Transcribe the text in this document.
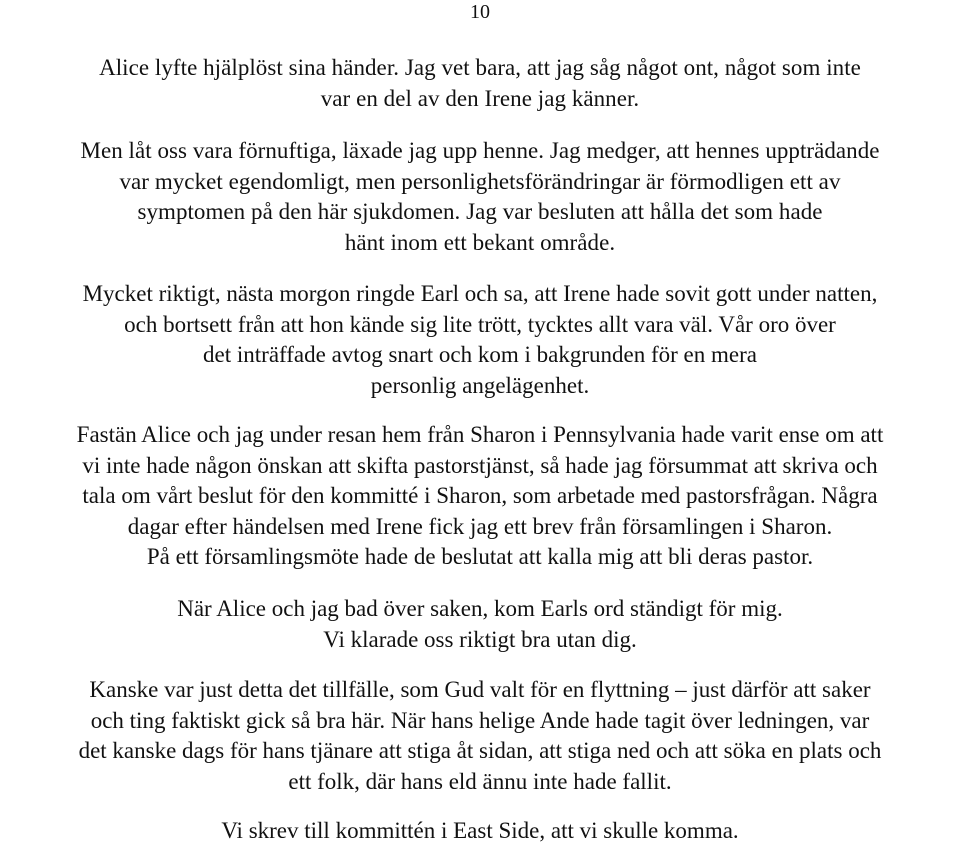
10
Alice lyfte hjälplöst sina händer. Jag vet bara, att jag såg något ont, något som inte
var en del av den Irene jag känner.
Men låt oss vara förnuftiga, läxade jag upp henne. Jag medger, att hennes uppträdande
var mycket egendomligt, men personlighetsförändringar är förmodligen ett av
symptomen på den här sjukdomen. Jag var besluten att hålla det som hade
hänt inom ett bekant område.
Mycket riktigt, nästa morgon ringde Earl och sa, att Irene hade sovit gott under natten,
och bortsett från att hon kände sig lite trött, tycktes allt vara väl. Vår oro över
det inträffade avtog snart och kom i bakgrunden för en mera
personlig angelägenhet.
Fastän Alice och jag under resan hem från Sharon i Pennsylvania hade varit ense om att
vi inte hade någon önskan att skifta pastorstjänst, så hade jag försummat att skriva och
tala om vårt beslut för den kommitté i Sharon, som arbetade med pastorsfrågan. Några
dagar efter händelsen med Irene fick jag ett brev från församlingen i Sharon.
På ett församlingsmöte hade de beslutat att kalla mig att bli deras pastor.
När Alice och jag bad över saken, kom Earls ord ständigt för mig.
Vi klarade oss riktigt bra utan dig.
Kanske var just detta det tillfälle, som Gud valt för en flyttning – just därför att saker
och ting faktiskt gick så bra här. När hans helige Ande hade tagit över ledningen, var
det kanske dags för hans tjänare att stiga åt sidan, att stiga ned och att söka en plats och
ett folk, där hans eld ännu inte hade fallit.
Vi skrev till kommittén i East Side, att vi skulle komma.
